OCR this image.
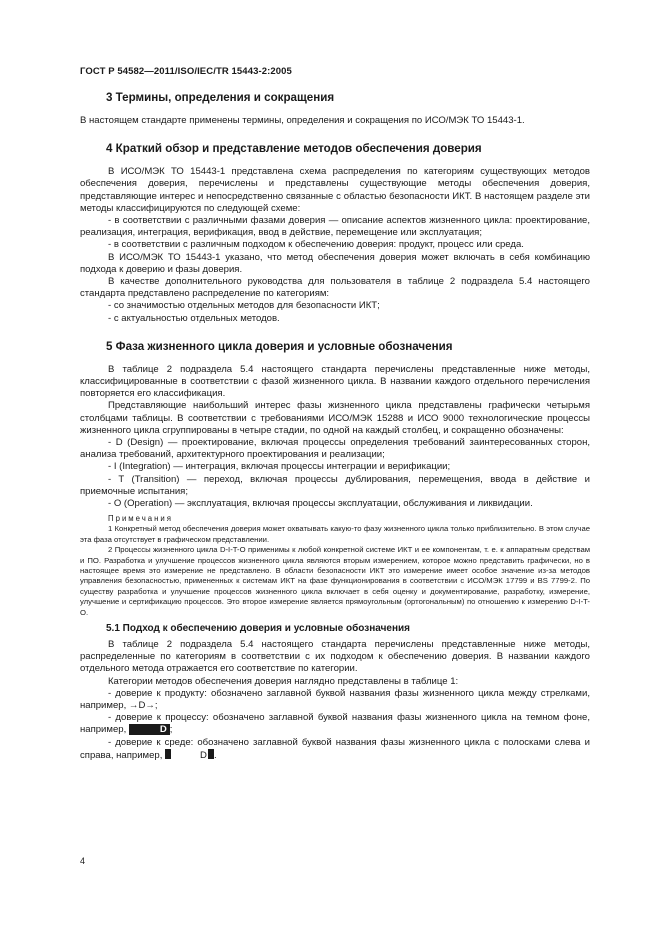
ГОСТ Р 54582—2011/ISO/IEC/TR 15443-2:2005
3 Термины, определения и сокращения

В настоящем стандарте применены термины, определения и сокращения по ИСО/МЭК ТО 15443-1.

4 Краткий обзор и представление методов обеспечения доверия

В ИСО/МЭК ТО 15443-1 представлена схема распределения по категориям существующих методов обеспечения доверия, перечислены и представлены существующие методы обеспечения доверия, представляющие интерес и непосредственно связанные с областью безопасности ИКТ. В настоящем разделе эти методы классифицируются по следующей схеме:

- в соответствии с различными фазами доверия — описание аспектов жизненного цикла: проектирование, реализация, интеграция, верификация, ввод в действие, перемещение или эксплуатация;

- в соответствии с различным подходом к обеспечению доверия: продукт, процесс или среда.

В ИСО/МЭК ТО 15443-1 указано, что метод обеспечения доверия может включать в себя комбинацию подхода к доверию и фазы доверия.

В качестве дополнительного руководства для пользователя в таблице 2 подраздела 5.4 настоящего стандарта представлено распределение по категориям:

- со значимостью отдельных методов для безопасности ИКТ;

- с актуальностью отдельных методов.

5 Фаза жизненного цикла доверия и условные обозначения

В таблице 2 подраздела 5.4 настоящего стандарта перечислены представленные ниже методы, классифицированные в соответствии с фазой жизненного цикла. В названии каждого отдельного перечисления повторяется его классификация.

Представляющие наибольший интерес фазы жизненного цикла представлены графически четырьмя столбцами таблицы. В соответствии с требованиями ИСО/МЭК 15288 и ИСО 9000 технологические процессы жизненного цикла сгруппированы в четыре стадии, по одной на каждый столбец, и сокращенно обозначены:

- D (Design) — проектирование, включая процессы определения требований заинтересованных сторон, анализа требований, архитектурного проектирования и реализации;

- I (Integration) — интеграция, включая процессы интеграции и верификации;

- T (Transition) — переход, включая процессы дублирования, перемещения, ввода в действие и приемочные испытания;

- O (Operation) — эксплуатация, включая процессы эксплуатации, обслуживания и ликвидации.

Примечания

1 Конкретный метод обеспечения доверия может охватывать какую-то фазу жизненного цикла только приблизительно. В этом случае эта фаза отсутствует в графическом представлении.

2 Процессы жизненного цикла D-I-T-O применимы к любой конкретной системе ИКТ и ее компонентам, т. е. к аппаратным средствам и ПО. Разработка и улучшение процессов жизненного цикла являются вторым измерением, которое можно представить графически, но в настоящее время это измерение не представлено. В области безопасности ИКТ это измерение имеет особое значение из-за методов управления безопасностью, примененных к системам ИКТ на фазе функционирования в соответствии с ИСО/МЭК 17799 и BS 7799-2. По существу разработка и улучшение процессов жизненного цикла включает в себя оценку и документирование, разработку, измерение, улучшение и сертификацию процессов. Это второе измерение является прямоугольным (ортогональным) по отношению к измерению D-I-T-O.

5.1 Подход к обеспечению доверия и условные обозначения

В таблице 2 подраздела 5.4 настоящего стандарта перечислены представленные ниже методы, распределенные по категориям в соответствии с их подходом к обеспечению доверия. В названии каждого отдельного метода отражается его соответствие по категории.

Категории методов обеспечения доверия наглядно представлены в таблице 1:

- доверие к продукту: обозначено заглавной буквой названия фазы жизненного цикла между стрелками, например, →D→;

- доверие к процессу: обозначено заглавной буквой названия фазы жизненного цикла на темном фоне, например,	D ;

- доверие к среде: обозначено заглавной буквой названия фазы жизненного цикла с полосками слева и справа, например,	D .

4
